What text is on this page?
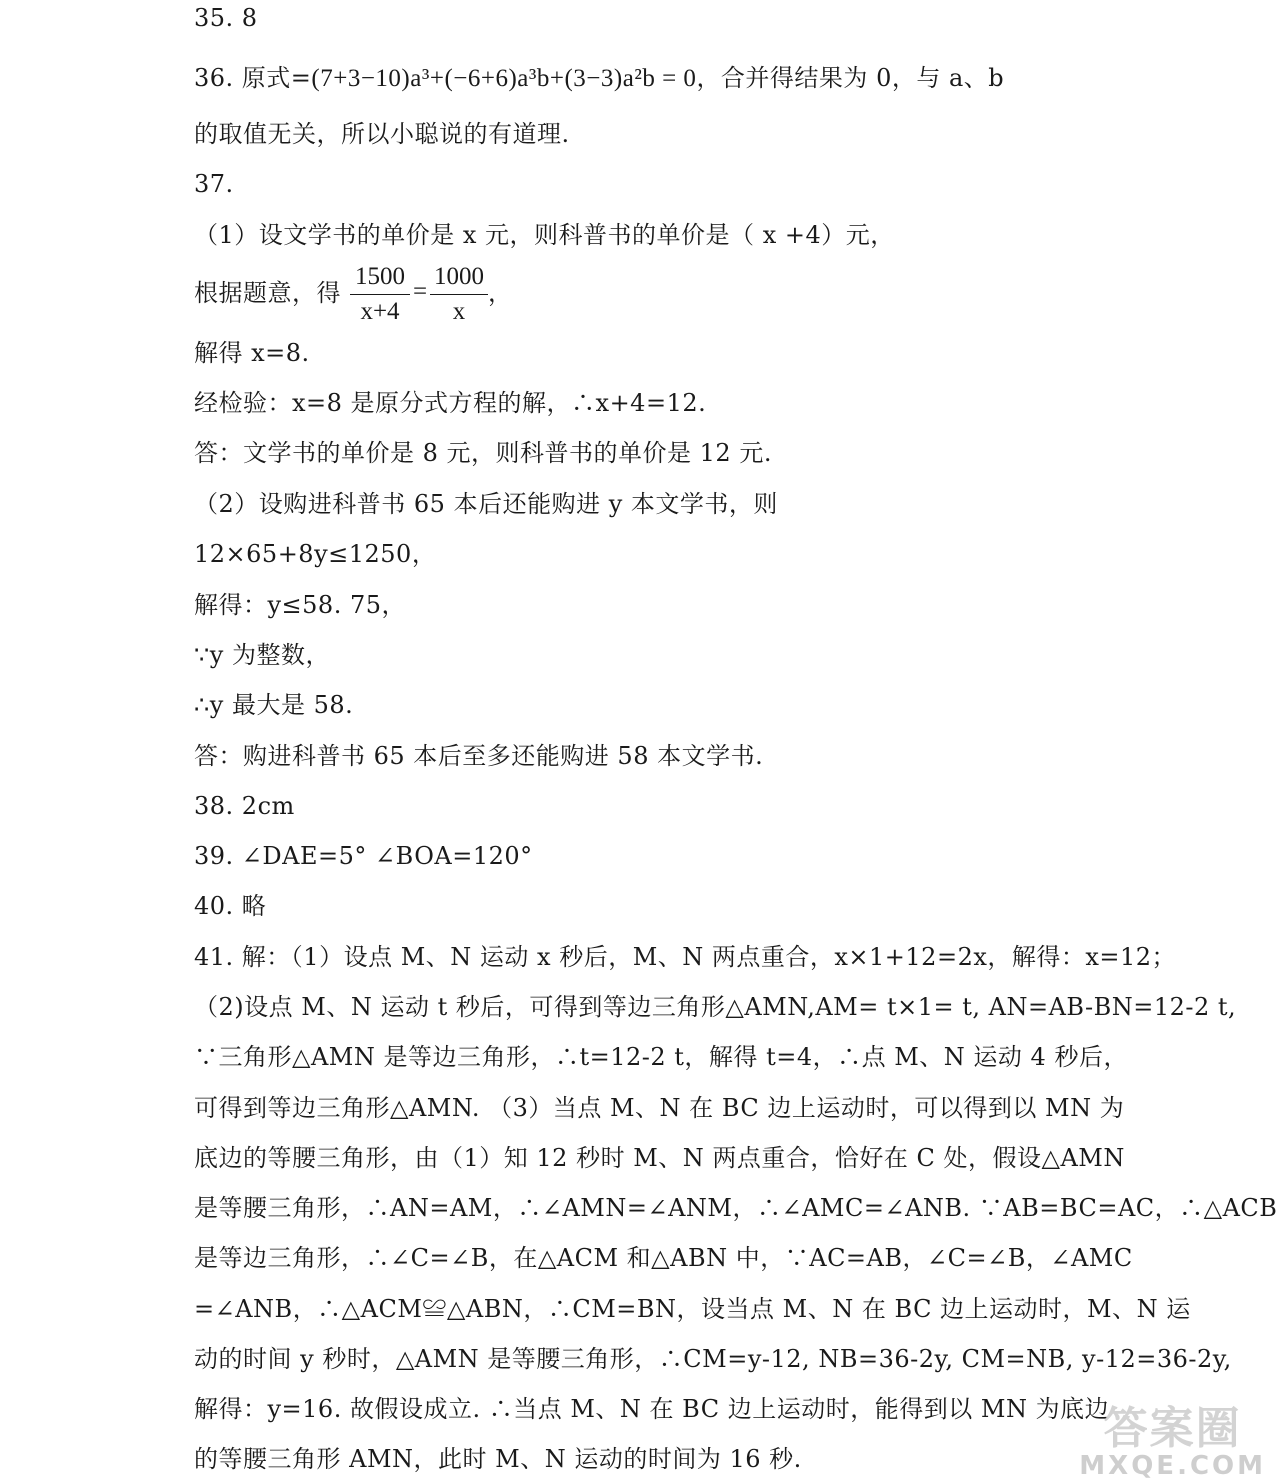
35. 8
36. 原式=(7+3−10)a³+(−6+6)a³b+(3−3)a²b = 0，合并得结果为 0，与 a、b
的取值无关，所以小聪说的有道理.
37.
（1）设文学书的单价是 x 元，则科普书的单价是（ x +4）元，
根据题意，得
1500
x+4
=
1000
x
，
解得 x=8.
经检验：x=8 是原分式方程的解，∴x+4=12.
答：文学书的单价是 8 元，则科普书的单价是 12 元.
（2）设购进科普书 65 本后还能购进 y 本文学书，则
12×65+8y≤1250，
解得：y≤58. 75，
∵y 为整数，
∴y 最大是 58.
答：购进科普书 65 本后至多还能购进 58 本文学书.
38. 2cm
39. ∠DAE=5° ∠BOA=120°
40. 略
41. 解：（1）设点 M、N 运动 x 秒后，M、N 两点重合，x×1+12=2x，解得：x=12；
（2)设点 M、N 运动 t 秒后，可得到等边三角形△AMN,AM= t×1= t, AN=AB-BN=12-2 t,
∵三角形△AMN 是等边三角形，∴t=12-2 t，解得 t=4，∴点 M、N 运动 4 秒后，
可得到等边三角形△AMN. （3）当点 M、N 在 BC 边上运动时，可以得到以 MN 为
底边的等腰三角形，由（1）知 12 秒时 M、N 两点重合，恰好在 C 处，假设△AMN
是等腰三角形，∴AN=AM，∴∠AMN=∠ANM，∴∠AMC=∠ANB. ∵AB=BC=AC，∴△ACB
是等边三角形，∴∠C=∠B，在△ACM 和△ABN 中，∵AC=AB，∠C=∠B，∠AMC
=∠ANB，∴△ACM≌△ABN，∴CM=BN，设当点 M、N 在 BC 边上运动时，M、N 运
动的时间 y 秒时，△AMN 是等腰三角形，∴CM=y-12, NB=36-2y, CM=NB, y-12=36-2y,
解得：y=16. 故假设成立. ∴当点 M、N 在 BC 边上运动时，能得到以 MN 为底边
的等腰三角形 AMN，此时 M、N 运动的时间为 16 秒.
答案圈
MXQE.COM
